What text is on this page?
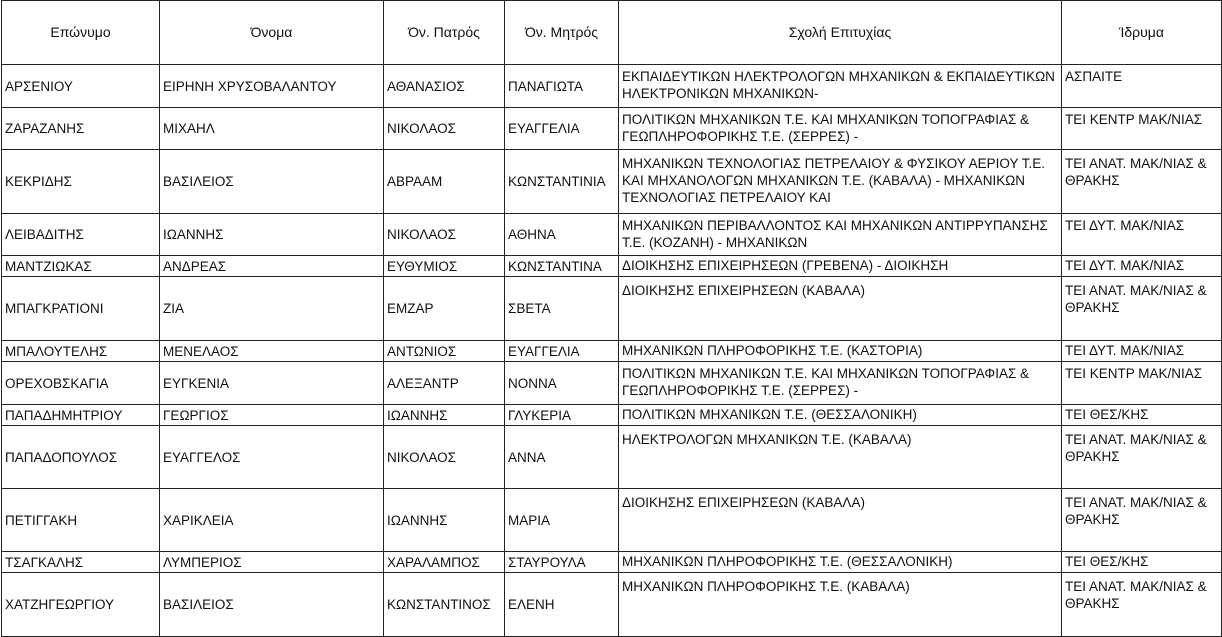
Επώνυμο	Όνομα	Όν. Πατρός	Όν. Μητρός	Σχολή Επιτυχίας	Ίδρυμα
ΑΡΣΕΝΙΟΥ	ΕΙΡΗΝΗ ΧΡΥΣΟΒΑΛΑΝΤΟΥ	ΑΘΑΝΑΣΙΟΣ	ΠΑΝΑΓΙΩΤΑ	ΕΚΠΑΙΔΕΥΤΙΚΩΝ ΗΛΕΚΤΡΟΛΟΓΩΝ ΜΗΧΑΝΙΚΩΝ & ΕΚΠΑΙΔΕΥΤΙΚΩΝ ΗΛΕΚΤΡΟΝΙΚΩΝ ΜΗΧΑΝΙΚΩΝ-	ΑΣΠΑΙΤΕ

ΖΑΡΑΖΑΝΗΣ	ΜΙΧΑΗΛ	ΝΙΚΟΛΑΟΣ	ΕΥΑΓΓΕΛΙΑ	ΠΟΛΙΤΙΚΩΝ ΜΗΧΑΝΙΚΩΝ Τ.Ε. ΚΑΙ ΜΗΧΑΝΙΚΩΝ ΤΟΠΟΓΡΑΦΙΑΣ & ΓΕΩΠΛΗΡΟΦΟΡΙΚΗΣ Τ.Ε. (ΣΕΡΡΕΣ) -	ΤΕΙ ΚΕΝΤΡ ΜΑΚ/ΝΙΑΣ

ΚΕΚΡΙΔΗΣ	ΒΑΣΙΛΕΙΟΣ	ΑΒΡΑΑΜ	ΚΩΝΣΤΑΝΤΙΝΙΑ	ΜΗΧΑΝΙΚΩΝ ΤΕΧΝΟΛΟΓΙΑΣ ΠΕΤΡΕΛΑΙΟΥ & ΦΥΣΙΚΟΥ ΑΕΡΙΟΥ Τ.Ε. ΚΑΙ ΜΗΧΑΝΟΛΟΓΩΝ ΜΗΧΑΝΙΚΩΝ Τ.Ε. (ΚΑΒΑΛΑ) - ΜΗΧΑΝΙΚΩΝ ΤΕΧΝΟΛΟΓΙΑΣ ΠΕΤΡΕΛΑΙΟΥ ΚΑΙ	ΤΕΙ ΑΝΑΤ. ΜΑΚ/ΝΙΑΣ & ΘΡΑΚΗΣ

ΛΕΙΒΑΔΙΤΗΣ	ΙΩΑΝΝΗΣ	ΝΙΚΟΛΑΟΣ	ΑΘΗΝΑ	ΜΗΧΑΝΙΚΩΝ ΠΕΡΙΒΑΛΛΟΝΤΟΣ ΚΑΙ ΜΗΧΑΝΙΚΩΝ ΑΝΤΙΡΡΥΠΑΝΣΗΣ Τ.Ε. (ΚΟΖΑΝΗ) - ΜΗΧΑΝΙΚΩΝ	ΤΕΙ ΔΥΤ. ΜΑΚ/ΝΙΑΣ

ΜΑΝΤΖΙΩΚΑΣ	ΑΝΔΡΕΑΣ	ΕΥΘΥΜΙΟΣ	ΚΩΝΣΤΑΝΤΙΝΑ	ΔΙΟΙΚΗΣΗΣ ΕΠΙΧΕΙΡΗΣΕΩΝ (ΓΡΕΒΕΝΑ) - ΔΙΟΙΚΗΣΗ	ΤΕΙ ΔΥΤ. ΜΑΚ/ΝΙΑΣ

ΜΠΑΓΚΡΑΤΙΟΝΙ	ΖΙΑ	ΕΜΖΑΡ	ΣΒΕΤΑ	ΔΙΟΙΚΗΣΗΣ ΕΠΙΧΕΙΡΗΣΕΩΝ (ΚΑΒΑΛΑ)	ΤΕΙ ΑΝΑΤ. ΜΑΚ/ΝΙΑΣ & ΘΡΑΚΗΣ

ΜΠΑΛΟΥΤΕΛΗΣ	ΜΕΝΕΛΑΟΣ	ΑΝΤΩΝΙΟΣ	ΕΥΑΓΓΕΛΙΑ	ΜΗΧΑΝΙΚΩΝ ΠΛΗΡΟΦΟΡΙΚΗΣ Τ.Ε. (ΚΑΣΤΟΡΙΑ)	ΤΕΙ ΔΥΤ. ΜΑΚ/ΝΙΑΣ

ΟΡΕΧΟΒΣΚΑΓΙΑ	ΕΥΓΚΕΝΙΑ	ΑΛΕΞΑΝΤΡ	ΝΟΝΝΑ	ΠΟΛΙΤΙΚΩΝ ΜΗΧΑΝΙΚΩΝ Τ.Ε. ΚΑΙ ΜΗΧΑΝΙΚΩΝ ΤΟΠΟΓΡΑΦΙΑΣ & ΓΕΩΠΛΗΡΟΦΟΡΙΚΗΣ Τ.Ε. (ΣΕΡΡΕΣ) -	ΤΕΙ ΚΕΝΤΡ ΜΑΚ/ΝΙΑΣ

ΠΑΠΑΔΗΜΗΤΡΙΟΥ	ΓΕΩΡΓΙΟΣ	ΙΩΑΝΝΗΣ	ΓΛΥΚΕΡΙΑ	ΠΟΛΙΤΙΚΩΝ ΜΗΧΑΝΙΚΩΝ Τ.Ε. (ΘΕΣΣΑΛΟΝΙΚΗ)	ΤΕΙ ΘΕΣ/ΚΗΣ

ΠΑΠΑΔΟΠΟΥΛΟΣ	ΕΥΑΓΓΕΛΟΣ	ΝΙΚΟΛΑΟΣ	ΑΝΝΑ	ΗΛΕΚΤΡΟΛΟΓΩΝ ΜΗΧΑΝΙΚΩΝ Τ.Ε. (ΚΑΒΑΛΑ)	ΤΕΙ ΑΝΑΤ. ΜΑΚ/ΝΙΑΣ & ΘΡΑΚΗΣ

ΠΕΤΙΓΓΑΚΗ	ΧΑΡΙΚΛΕΙΑ	ΙΩΑΝΝΗΣ	ΜΑΡΙΑ	ΔΙΟΙΚΗΣΗΣ ΕΠΙΧΕΙΡΗΣΕΩΝ (ΚΑΒΑΛΑ)	ΤΕΙ ΑΝΑΤ. ΜΑΚ/ΝΙΑΣ & ΘΡΑΚΗΣ

ΤΣΑΓΚΑΛΗΣ	ΛΥΜΠΕΡΙΟΣ	ΧΑΡΑΛΑΜΠΟΣ	ΣΤΑΥΡΟΥΛΑ	ΜΗΧΑΝΙΚΩΝ ΠΛΗΡΟΦΟΡΙΚΗΣ Τ.Ε. (ΘΕΣΣΑΛΟΝΙΚΗ)	ΤΕΙ ΘΕΣ/ΚΗΣ

ΧΑΤΖΗΓΕΩΡΓΙΟΥ	ΒΑΣΙΛΕΙΟΣ	ΚΩΝΣΤΑΝΤΙΝΟΣ	ΕΛΕΝΗ	ΜΗΧΑΝΙΚΩΝ ΠΛΗΡΟΦΟΡΙΚΗΣ Τ.Ε. (ΚΑΒΑΛΑ)	ΤΕΙ ΑΝΑΤ. ΜΑΚ/ΝΙΑΣ & ΘΡΑΚΗΣ
